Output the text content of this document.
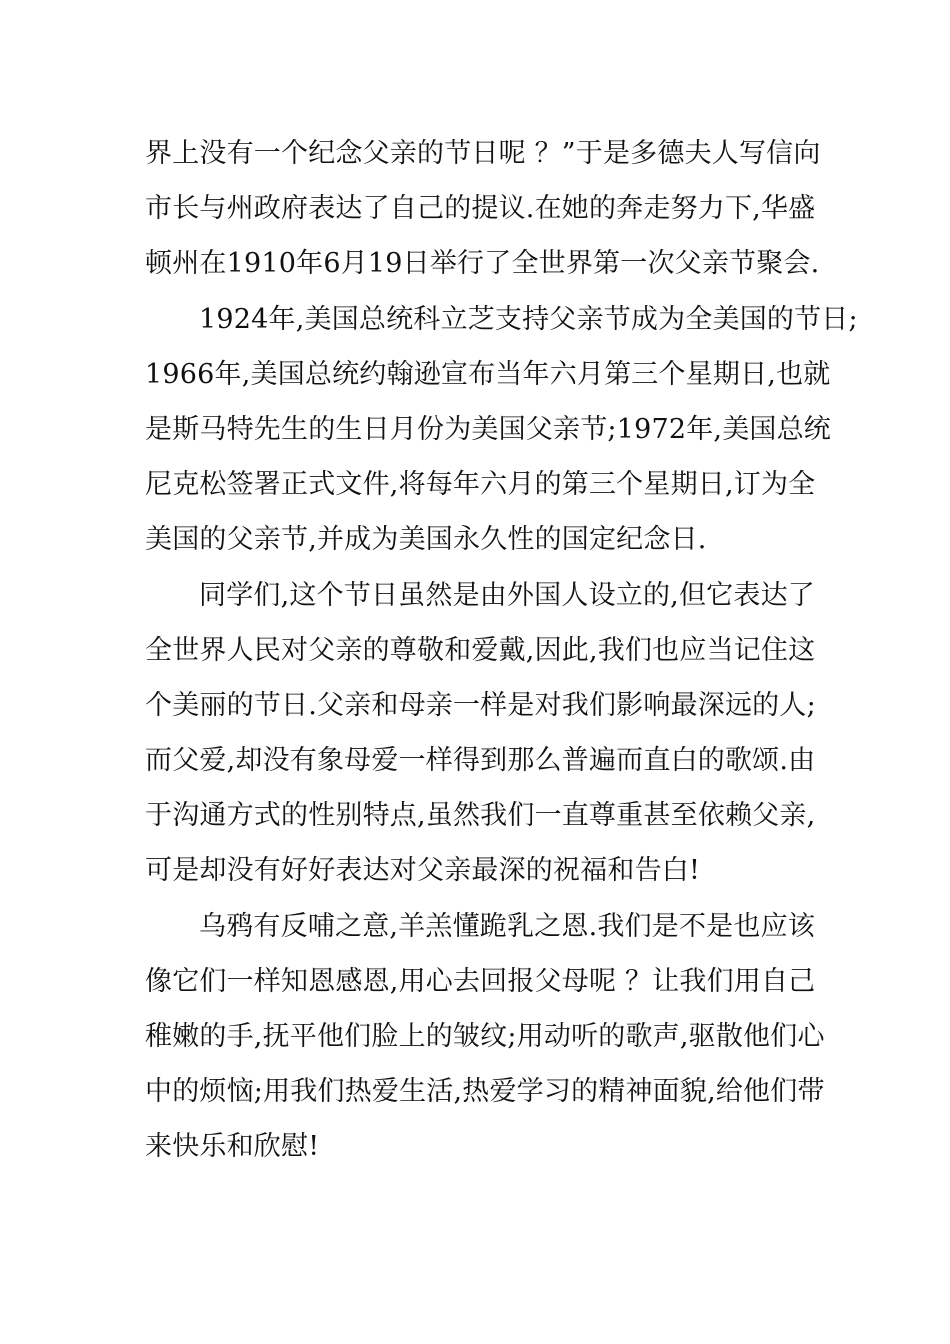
界上没有一个纪念父亲的节日呢 ？”于是多德夫人写信向
市长与州政府表达了自己的提议.在她的奔走努力下,华盛
顿州在1910年6月19日举行了全世界第一次父亲节聚会.
1924年,美国总统科立芝支持父亲节成为全美国的节日;
1966年,美国总统约翰逊宣布当年六月第三个星期日,也就
是斯马特先生的生日月份为美国父亲节;1972年,美国总统
尼克松签署正式文件,将每年六月的第三个星期日,订为全
美国的父亲节,并成为美国永久性的国定纪念日.
同学们,这个节日虽然是由外国人设立的,但它表达了
全世界人民对父亲的尊敬和爱戴,因此,我们也应当记住这
个美丽的节日.父亲和母亲一样是对我们影响最深远的人;
而父爱,却没有象母爱一样得到那么普遍而直白的歌颂.由
于沟通方式的性别特点,虽然我们一直尊重甚至依赖父亲,
可是却没有好好表达对父亲最深的祝福和告白!
乌鸦有反哺之意,羊羔懂跪乳之恩.我们是不是也应该
像它们一样知恩感恩,用心去回报父母呢 ？让我们用自己
稚嫩的手,抚平他们脸上的皱纹;用动听的歌声,驱散他们心
中的烦恼;用我们热爱生活,热爱学习的精神面貌,给他们带
来快乐和欣慰!
